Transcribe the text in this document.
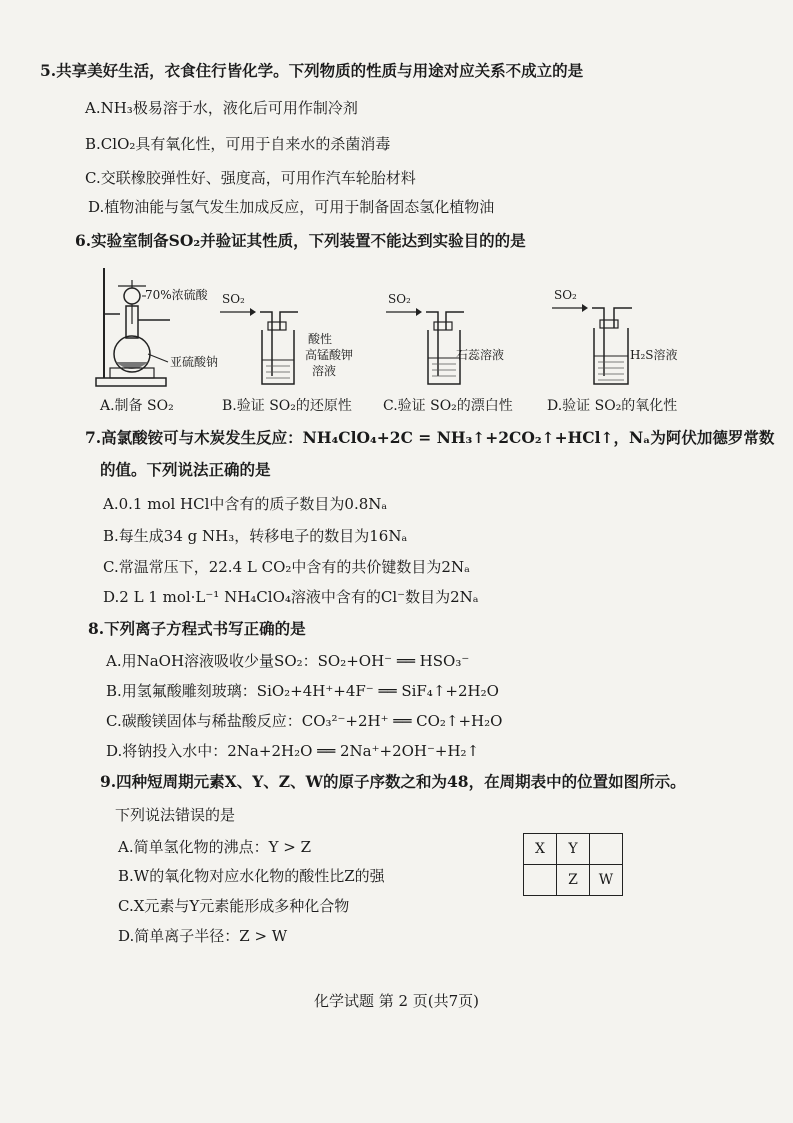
5.共享美好生活，衣食住行皆化学。下列物质的性质与用途对应关系不成立的是
A.NH₃极易溶于水，液化后可用作制冷剂
B.ClO₂具有氧化性，可用于自来水的杀菌消毒
C.交联橡胶弹性好、强度高，可用作汽车轮胎材料
D.植物油能与氢气发生加成反应，可用于制备固态氢化植物油
6.实验室制备SO₂并验证其性质，下列装置不能达到实验目的的是
70%浓硫酸
亚硫酸钠
SO₂
酸性
高锰酸钾
溶液
SO₂
石蕊溶液
SO₂
H₂S溶液
A.制备 SO₂	B.验证 SO₂的还原性 C.验证 SO₂的漂白性 D.验证 SO₂的氧化性
7.高氯酸铵可与木炭发生反应：NH₄ClO₄+2C = NH₃↑+2CO₂↑+HCl↑，Nₐ为阿伏加德罗常数
的值。下列说法正确的是
A.0.1 mol HCl中含有的质子数目为0.8Nₐ
B.每生成34 g NH₃，转移电子的数目为16Nₐ
C.常温常压下，22.4 L CO₂中含有的共价键数目为2Nₐ
D.2 L 1 mol·L⁻¹ NH₄ClO₄溶液中含有的Cl⁻数目为2Nₐ
8.下列离子方程式书写正确的是
A.用NaOH溶液吸收少量SO₂：SO₂+OH⁻ ══ HSO₃⁻
B.用氢氟酸雕刻玻璃：SiO₂+4H⁺+4F⁻ ══ SiF₄↑+2H₂O
C.碳酸镁固体与稀盐酸反应：CO₃²⁻+2H⁺ ══ CO₂↑+H₂O
D.将钠投入水中：2Na+2H₂O ══ 2Na⁺+2OH⁻+H₂↑
9.四种短周期元素X、Y、Z、W的原子序数之和为48，在周期表中的位置如图所示。
下列说法错误的是
A.简单氢化物的沸点：Y > Z
B.W的氧化物对应水化物的酸性比Z的强
C.X元素与Y元素能形成多种化合物
D.简单离子半径：Z > W
X	Y	
	Z	W
化学试题 第 2 页(共7页)
